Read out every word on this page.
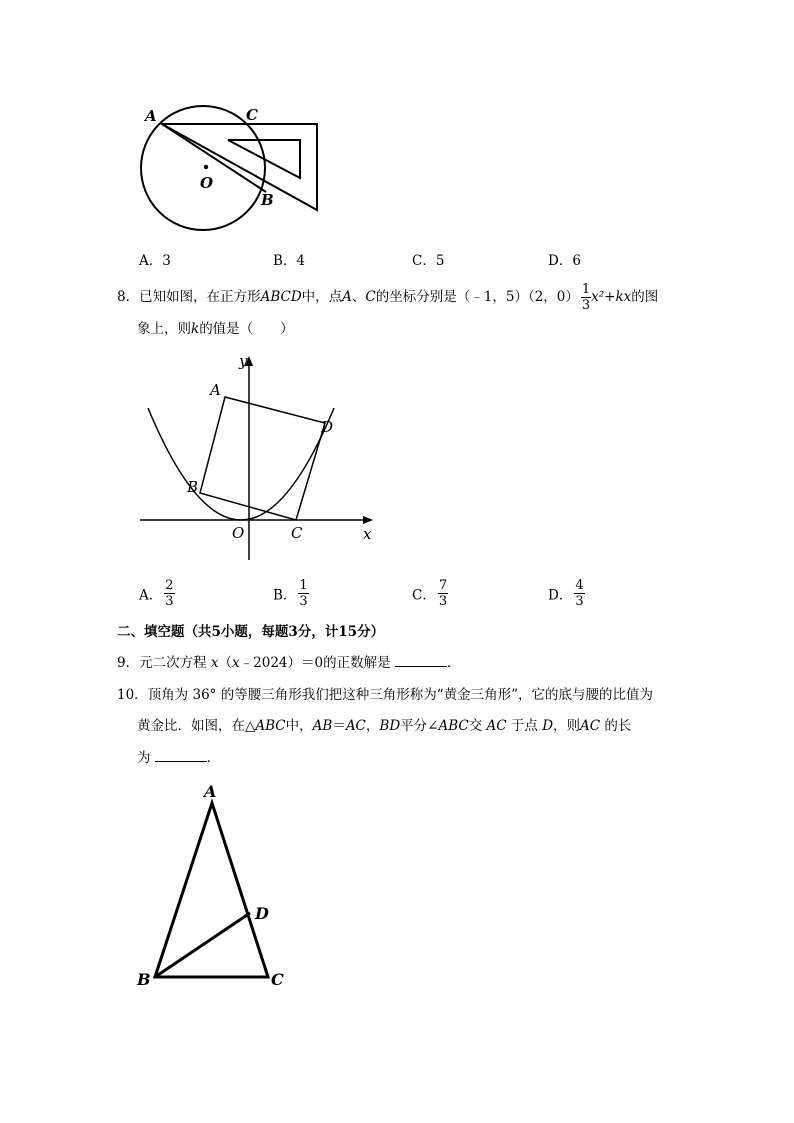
A	C
O
B
A．3	B．4	C．5	D．6
8．已知如图，在正方形ABCD中，点A、C的坐标分别是（﹣1，5）（2，$0) \frac{1}{3} x^2+kx$的图
象上，则k的值是（　　）
y
A
D
B
O	C	x
A． $\frac{2}{3}$	B． $\frac{1}{3}$	C． $\frac{7}{3}$	D． $\frac{4}{3}$
二、填空题（共5小题，每题3分，计15分）
9．元二次方程 x（x﹣2024）＝0的正数解是	．
10．顶角为 36° 的等腰三角形我们把这种三角形称为“黄金三角形”，它的底与腰的比值为
黄金比．如图，在△ABC中，AB＝AC，BD平分∠ABC交 AC 于点 D，则AC 的长
为	．
A
D
B	C
